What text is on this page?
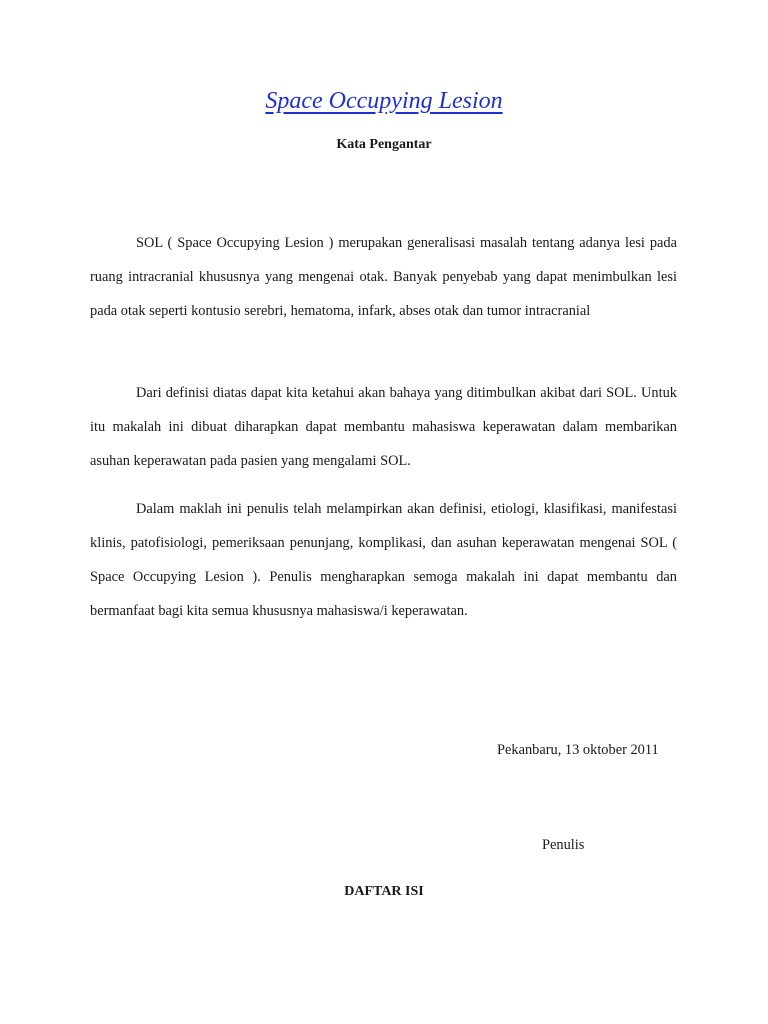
Space Occupying Lesion
Kata Pengantar

SOL ( Space Occupying Lesion ) merupakan generalisasi masalah tentang adanya lesi pada ruang intracranial khususnya yang mengenai otak. Banyak penyebab yang dapat menimbulkan lesi pada otak seperti kontusio serebri, hematoma, infark, abses otak dan tumor intracranial

Dari definisi diatas dapat kita ketahui akan bahaya yang ditimbulkan akibat dari SOL. Untuk itu makalah ini dibuat diharapkan dapat membantu mahasiswa keperawatan dalam membarikan asuhan keperawatan pada pasien yang mengalami SOL.

Dalam maklah ini penulis telah melampirkan akan definisi, etiologi, klasifikasi, manifestasi klinis, patofisiologi, pemeriksaan penunjang, komplikasi, dan asuhan keperawatan mengenai SOL ( Space Occupying Lesion ). Penulis mengharapkan semoga makalah ini dapat membantu dan bermanfaat bagi kita semua khususnya mahasiswa/i keperawatan.

Pekanbaru, 13 oktober 2011
Penulis
DAFTAR ISI
